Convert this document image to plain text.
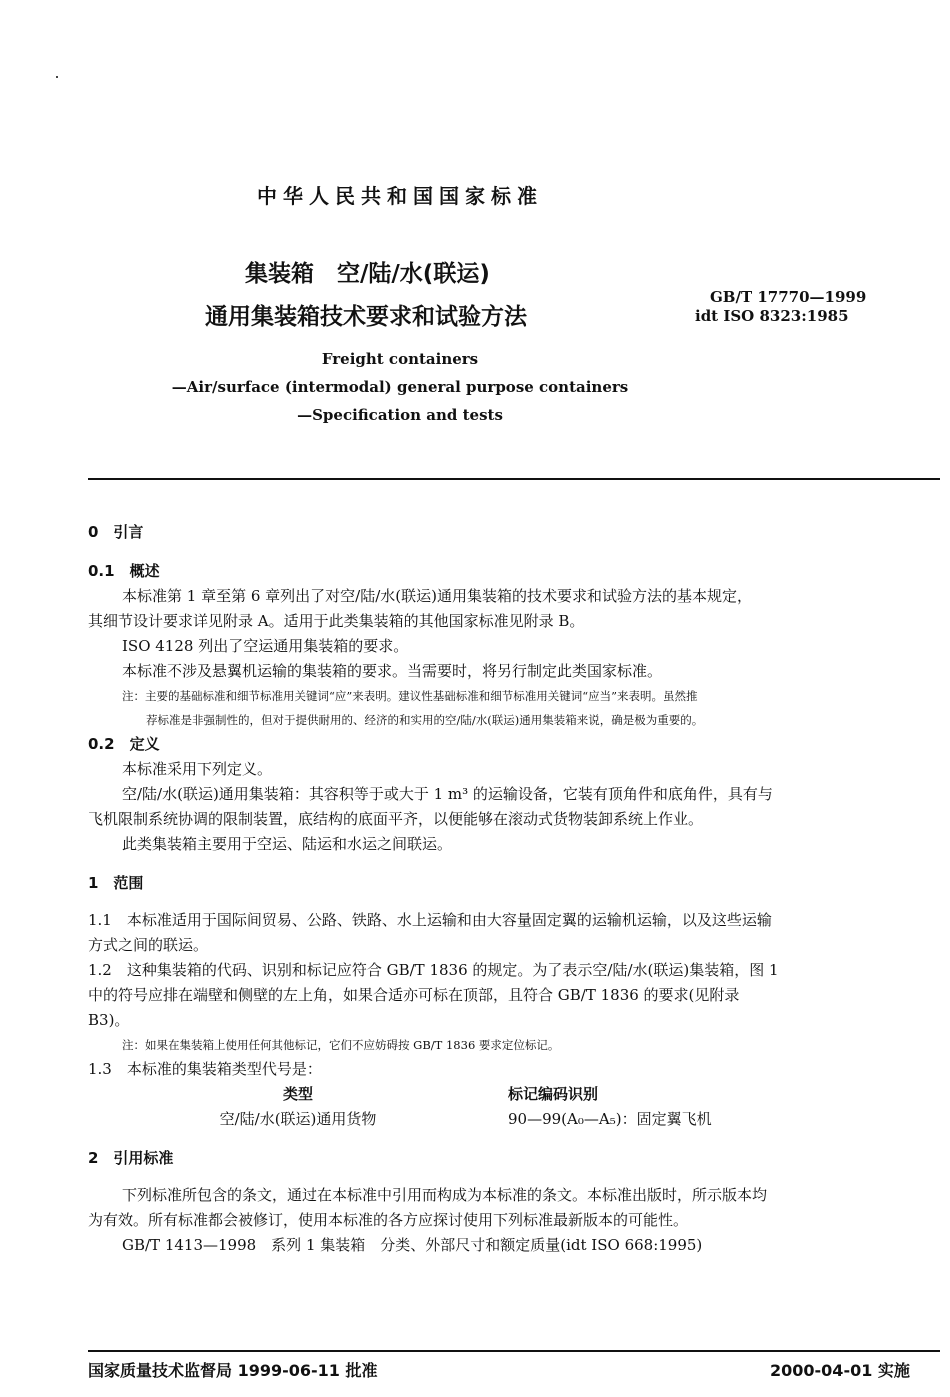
中华人民共和国国家标准
集装箱　空/陆/水(联运)
通用集装箱技术要求和试验方法
GB/T 17770—1999
idt ISO 8323:1985
Freight containers
—Air/surface (intermodal) general purpose containers
—Specification and tests

0　引言

0.1　概述

本标准第 1 章至第 6 章列出了对空/陆/水(联运)通用集装箱的技术要求和试验方法的基本规定，

其细节设计要求详见附录 A。适用于此类集装箱的其他国家标准见附录 B。

ISO 4128 列出了空运通用集装箱的要求。

本标准不涉及悬翼机运输的集装箱的要求。当需要时，将另行制定此类国家标准。

注：主要的基础标准和细节标准用关键词“应”来表明。建议性基础标准和细节标准用关键词“应当”来表明。虽然推

荐标准是非强制性的，但对于提供耐用的、经济的和实用的空/陆/水(联运)通用集装箱来说，确是极为重要的。

0.2　定义

本标准采用下列定义。

空/陆/水(联运)通用集装箱：其容积等于或大于 1 m³ 的运输设备，它装有顶角件和底角件，具有与

飞机限制系统协调的限制装置，底结构的底面平齐，以便能够在滚动式货物装卸系统上作业。

此类集装箱主要用于空运、陆运和水运之间联运。

1　范围

1.1　本标准适用于国际间贸易、公路、铁路、水上运输和由大容量固定翼的运输机运输，以及这些运输

方式之间的联运。

1.2　这种集装箱的代码、识别和标记应符合 GB/T 1836 的规定。为了表示空/陆/水(联运)集装箱，图 1

中的符号应排在端壁和侧壁的左上角，如果合适亦可标在顶部，且符合 GB/T 1836 的要求(见附录

B3)。

注：如果在集装箱上使用任何其他标记，它们不应妨碍按 GB/T 1836 要求定位标记。

1.3　本标准的集装箱类型代号是：

类型	标记编码识别
空/陆/水(联运)通用货物	90—99(A₀—A₅)：固定翼飞机

2　引用标准

下列标准所包含的条文，通过在本标准中引用而构成为本标准的条文。本标准出版时，所示版本均

为有效。所有标准都会被修订，使用本标准的各方应探讨使用下列标准最新版本的可能性。

GB/T 1413—1998　系列 1 集装箱　分类、外部尺寸和额定质量(idt ISO 668:1995)

国家质量技术监督局 1999-06-11 批准	2000-04-01 实施
